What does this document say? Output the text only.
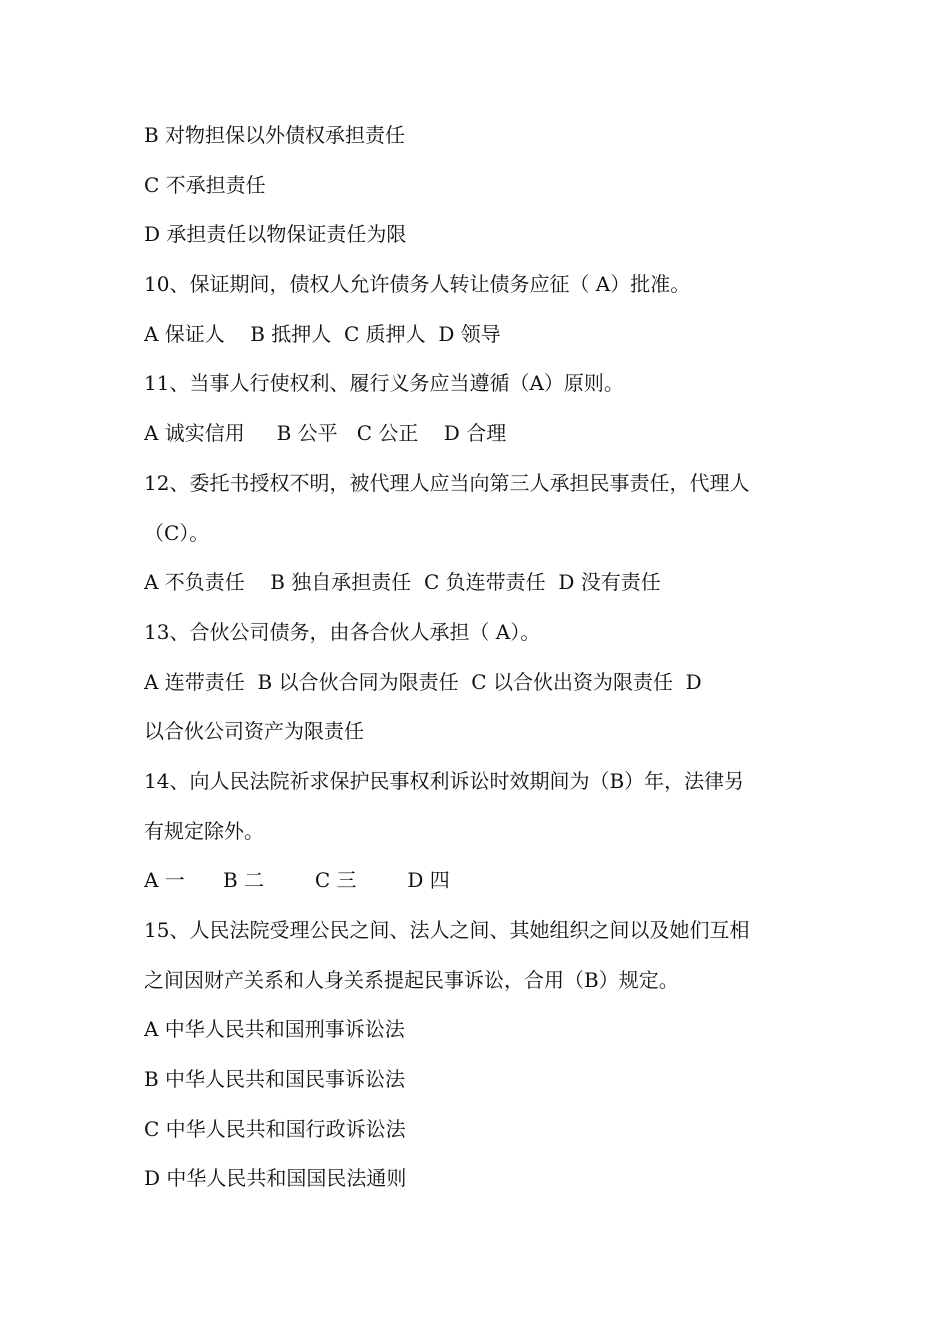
B 对物担保以外债权承担责任
C 不承担责任
D 承担责任以物保证责任为限
10、保证期间，债权人允许债务人转让债务应征（ A）批准。
A 保证人    B 抵押人  C 质押人  D 领导
11、当事人行使权利、履行义务应当遵循（A）原则。
A 诚实信用     B 公平   C 公正    D 合理
12、委托书授权不明，被代理人应当向第三人承担民事责任，代理人
（C）。
A 不负责任    B 独自承担责任  C 负连带责任  D 没有责任
13、合伙公司债务，由各合伙人承担（ A）。
A 连带责任  B 以合伙合同为限责任  C 以合伙出资为限责任  D
以合伙公司资产为限责任
14、向人民法院祈求保护民事权利诉讼时效期间为（B）年，法律另
有规定除外。
A 一      B 二        C 三        D 四
15、人民法院受理公民之间、法人之间、其她组织之间以及她们互相
之间因财产关系和人身关系提起民事诉讼，合用（B）规定。
A 中华人民共和国刑事诉讼法
B 中华人民共和国民事诉讼法
C 中华人民共和国行政诉讼法
D 中华人民共和国国民法通则
